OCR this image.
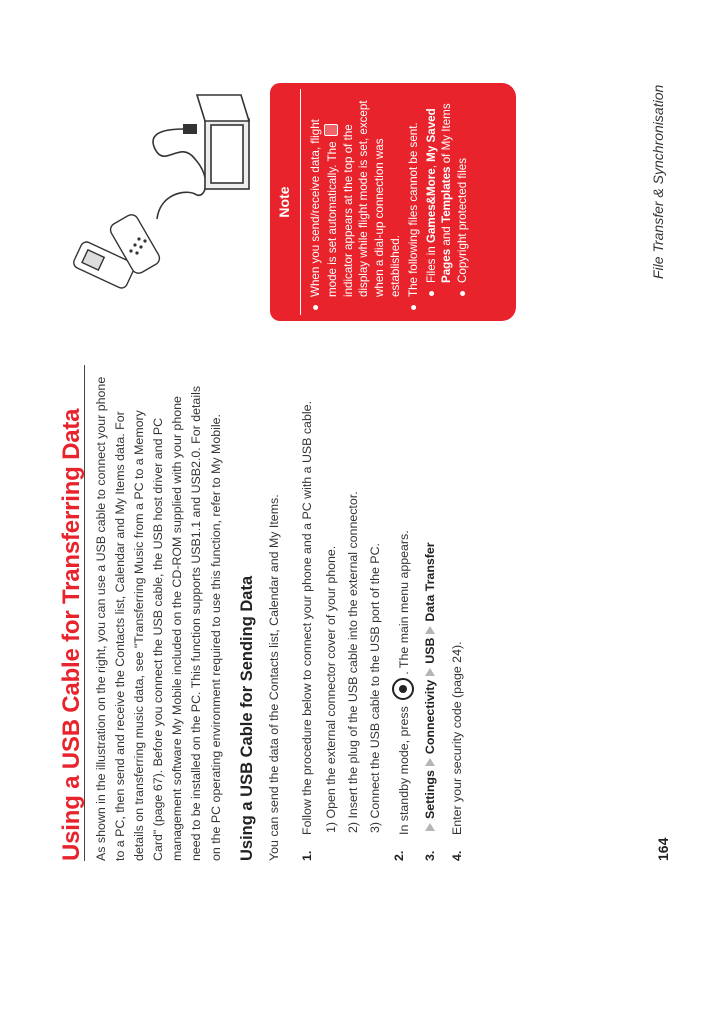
Using a USB Cable for Transferring Data As shown in the illustration on the right, you can use a USB cable to connect your phone to a PC, then send and receive the Contacts list, Calendar and My Items data. For details on transferring music data, see "Transferring Music from a PC to a Memory Card" (page 67). Before you connect the USB cable, the USB host driver and PC management software My Mobile included on the CD-ROM supplied with your phone need to be installed on the PC. This function supports USB1.1 and USB2.0. For details on the PC operating environment required to use this function, refer to My Mobile. Using a USB Cable for Sending Data You can send the data of the Contacts list, Calendar and My Items. 1.
Follow the procedure below to connect your phone and a PC with a USB cable. 1) Open the external connector cover of your phone. 2) Insert the plug of the USB cable into the external connector. 3) Connect the USB cable to the USB port of the PC.
2.
In standby mode, press . The main menu appears.
3.
SettingsConnectivityUSBData Transfer
4.
Enter your security code (page 24).
164
File Transfer & Synchronisation
Note
●
When you send/receive data, flight mode is set automatically. The indicator appears at the top of the display while flight mode is set, except when a dial-up connection was established.
●
The following files cannot be sent. ●
Files in Games&More, My Saved Pages and Templates of My Items
●
Copyright protected files
